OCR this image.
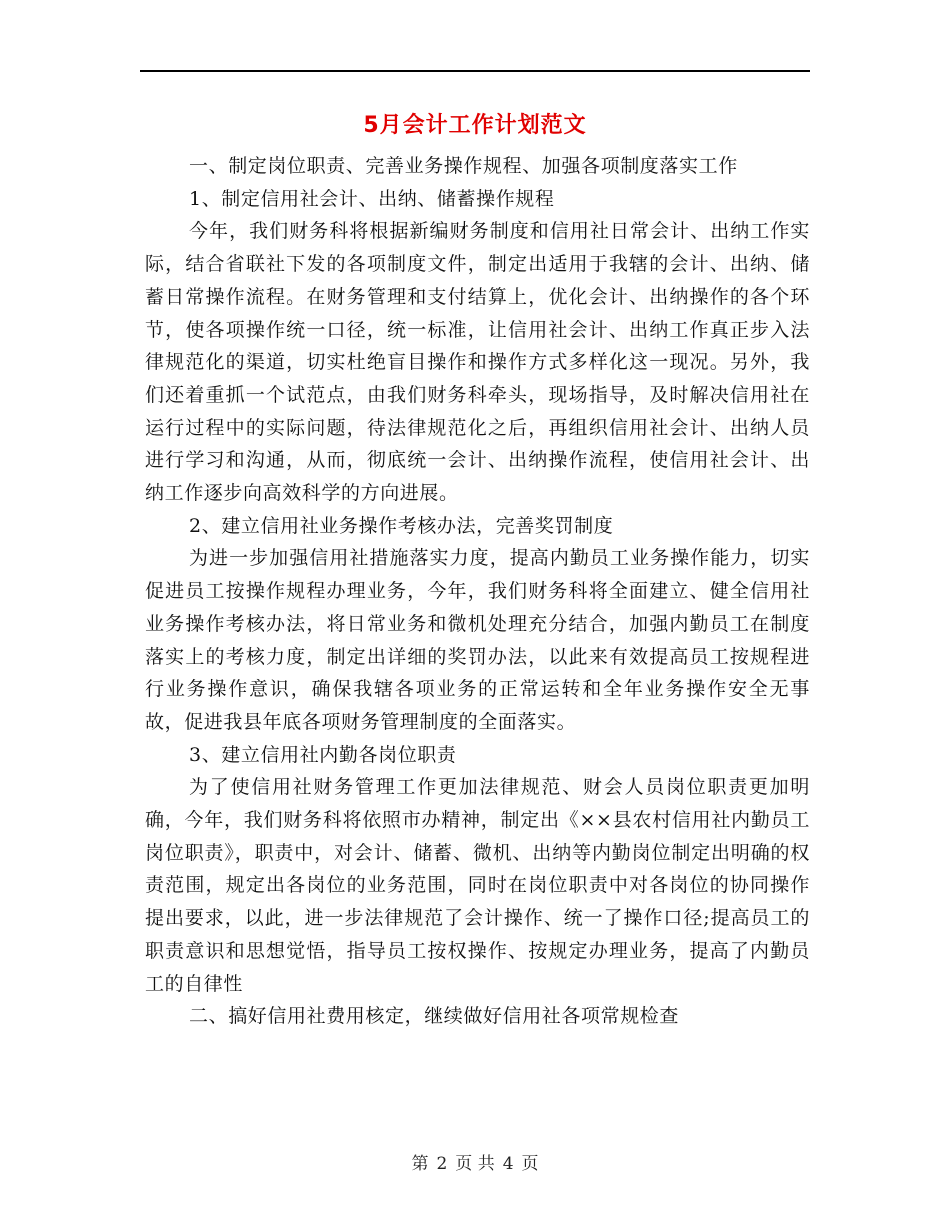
5月会计工作计划范文

一、制定岗位职责、完善业务操作规程、加强各项制度落实工作

1、制定信用社会计、出纳、储蓄操作规程

今年，我们财务科将根据新编财务制度和信用社日常会计、出纳工作实际，结合省联社下发的各项制度文件，制定出适用于我辖的会计、出纳、储蓄日常操作流程。在财务管理和支付结算上，优化会计、出纳操作的各个环节，使各项操作统一口径，统一标准，让信用社会计、出纳工作真正步入法律规范化的渠道，切实杜绝盲目操作和操作方式多样化这一现况。另外，我们还着重抓一个试范点，由我们财务科牵头，现场指导，及时解决信用社在运行过程中的实际问题，待法律规范化之后，再组织信用社会计、出纳人员进行学习和沟通，从而，彻底统一会计、出纳操作流程，使信用社会计、出纳工作逐步向高效科学的方向进展。

2、建立信用社业务操作考核办法，完善奖罚制度

为进一步加强信用社措施落实力度，提高内勤员工业务操作能力，切实促进员工按操作规程办理业务，今年，我们财务科将全面建立、健全信用社业务操作考核办法，将日常业务和微机处理充分结合，加强内勤员工在制度落实上的考核力度，制定出详细的奖罚办法，以此来有效提高员工按规程进行业务操作意识，确保我辖各项业务的正常运转和全年业务操作安全无事故，促进我县年底各项财务管理制度的全面落实。

3、建立信用社内勤各岗位职责

为了使信用社财务管理工作更加法律规范、财会人员岗位职责更加明确，今年，我们财务科将依照市办精神，制定出《××县农村信用社内勤员工岗位职责》，职责中，对会计、储蓄、微机、出纳等内勤岗位制定出明确的权责范围，规定出各岗位的业务范围，同时在岗位职责中对各岗位的协同操作提出要求，以此，进一步法律规范了会计操作、统一了操作口径;提高员工的职责意识和思想觉悟，指导员工按权操作、按规定办理业务，提高了内勤员工的自律性

二、搞好信用社费用核定，继续做好信用社各项常规检查

第 2 页 共 4 页
